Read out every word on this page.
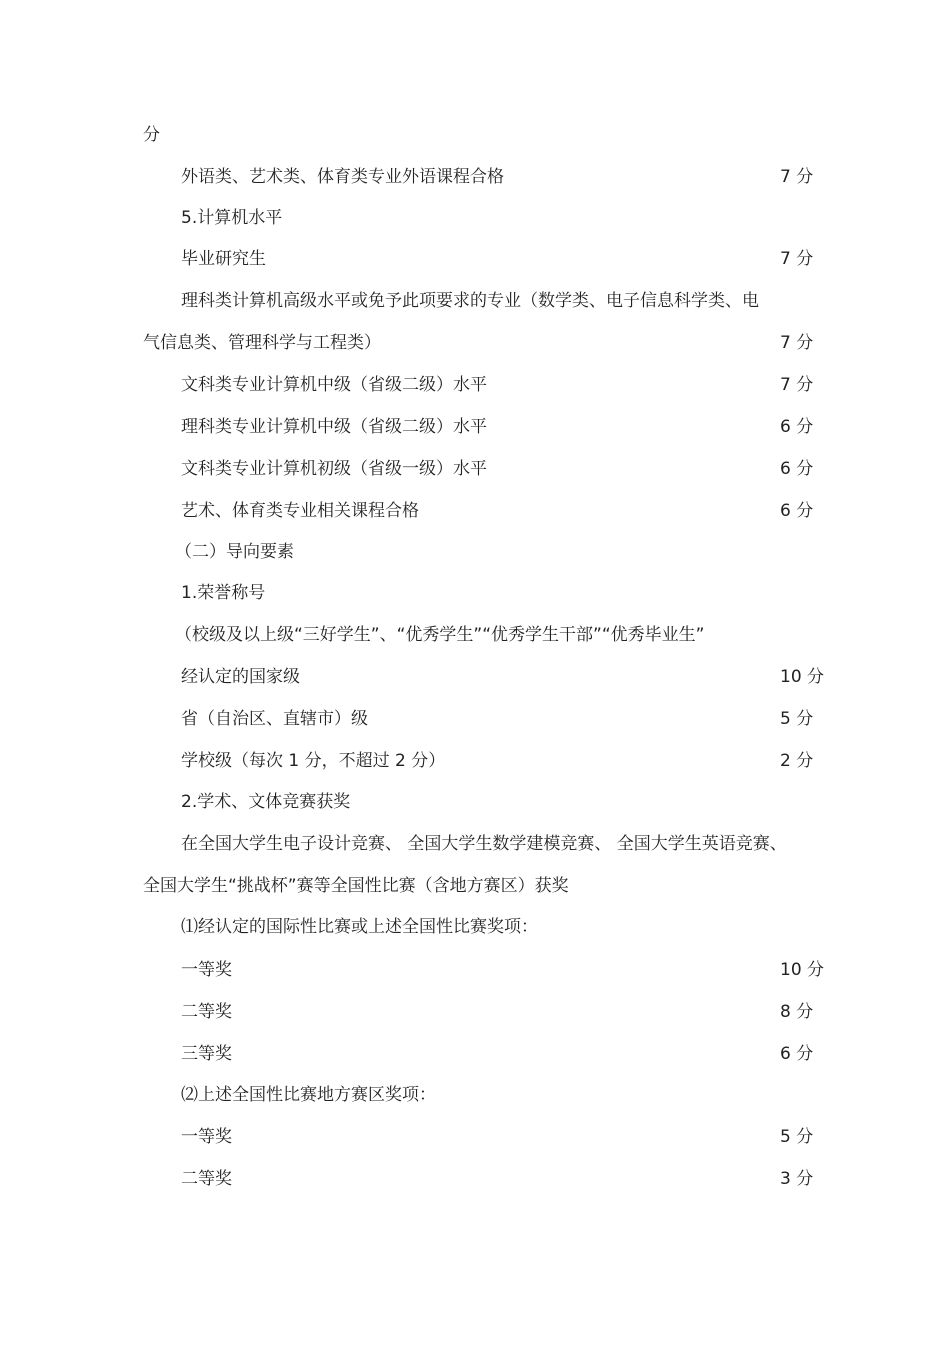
分
外语类、艺术类、体育类专业外语课程合格	7 分
5.计算机水平
毕业研究生	7 分
理科类计算机高级水平或免予此项要求的专业（数学类、电子信息科学类、电
气信息类、管理科学与工程类）	7 分
文科类专业计算机中级（省级二级）水平	7 分
理科类专业计算机中级（省级二级）水平	6 分
文科类专业计算机初级（省级一级）水平	6 分
艺术、体育类专业相关课程合格	6 分
（二）导向要素
1.荣誉称号
（校级及以上级“三好学生”、“优秀学生”“优秀学生干部”“优秀毕业生”
经认定的国家级	10 分
省（自治区、直辖市）级	5 分
学校级（每次 1 分，不超过 2 分）	2 分
2.学术、文体竞赛获奖
在全国大学生电子设计竞赛、 全国大学生数学建模竞赛、 全国大学生英语竞赛、
全国大学生“挑战杯”赛等全国性比赛（含地方赛区）获奖
⑴经认定的国际性比赛或上述全国性比赛奖项：
一等奖	10 分
二等奖	8 分
三等奖	6 分
⑵上述全国性比赛地方赛区奖项：
一等奖	5 分
二等奖	3 分
